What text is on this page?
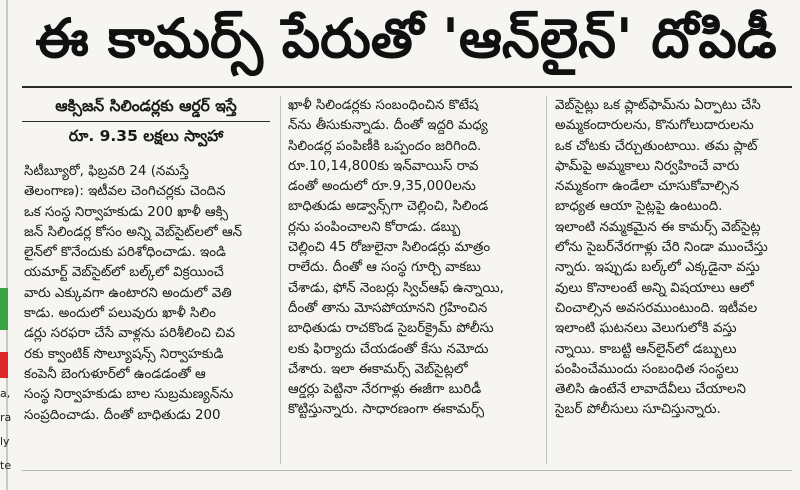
a,
ra
ly
te
ఈ కామర్స్ పేరుతో 'ఆన్‌లైన్' దోపిడీ
ఆక్సిజన్ సిలిండర్లకు ఆర్డర్ ఇస్తే
రూ. 9.35 లక్షలు స్వాహా
సిటీబ్యూరో, ఫిబ్రవరి 24 (నమస్తే
తెలంగాణ): ఇటీవల చెంగిచర్లకు చెందిన
ఒక సంస్థ నిర్వాహకుడు 200 ఖాళీ ఆక్సి
జన్ సిలిండర్ల కోసం అన్ని వెబ్‌సైట్‌లలో ఆన్
లైన్‌లో కొనేందుకు పరిశోధించాడు. ఇండి
యమార్ట్ వెబ్‌సైట్‌లో బల్క్‌లో విక్రయించే
వారు ఎక్కువగా ఉంటారని అందులో వెతి
కాడు. అందులో పలువురు ఖాళీ సిలిం
డర్లు సరఫరా చేసే వాళ్లను పరిశీలించి చివ
రకు క్వాంటిక్ సొల్యూషన్స్ నిర్వాహకుడి
కంపెనీ బెంగుళూర్‌లో ఉండడంతో ఆ
సంస్థ నిర్వాహకుడు బాల సుబ్రమణ్యన్‌ను
సంప్రదించాడు. దీంతో బాధితుడు 200
ఖాళీ సిలిండర్లకు సంబంధించిన కొటేష
న్‌ను తీసుకున్నాడు. దీంతో ఇద్దరి మధ్య
సిలిండర్ల పంపిణీకి ఒప్పందం జరిగింది.
రూ.10,14,800కు ఇన్‌వాయిస్ రావ
డంతో అందులో రూ.9,35,000లను
బాధితుడు అడ్వాన్స్‌గా చెల్లించి, సిలిండ
ర్లను పంపించాలని కోరాడు. డబ్బు
చెల్లించి 45 రోజులైనా సిలిండర్లు మాత్రం
రాలేదు. దీంతో ఆ సంస్థ గూర్చి వాకబు
చేశాడు, ఫోన్ నెంబర్లు స్విచ్‌ఆఫ్ ఉన్నాయి,
దీంతో తాను మోసపోయానని గ్రహించిన
బాధితుడు రాచకొండ సైబర్‌క్రైమ్ పోలీసు
లకు ఫిర్యాదు చేయడంతో కేసు నమోదు
చేశారు. ఇలా ఈకామర్స్ వెబ్‌సైట్లలో
ఆర్డర్లు పెట్టినా నేరగాళ్లు ఈజీగా బురిడీ
కొట్టిస్తున్నారు. సాధారణంగా ఈకామర్స్
వెబ్‌సైట్లు ఒక ప్లాట్‌ఫామ్‌ను ఏర్పాటు చేసి
అమ్మకందారులను, కొనుగోలుదారులను
ఒక చోటకు చేర్చుతుంటాయి. తమ ప్లాట్
ఫామ్‌పై అమ్మకాలు నిర్వహించే వారు
నమ్మకంగా ఉండేలా చూసుకోవాల్సిన
బాధ్యత ఆయా సైట్లపై ఉంటుంది.
ఇలాంటి నమ్మకమైన ఈ కామర్స్ వెబ్‌సైట్ల
లోను సైబర్‌నేరగాళ్లు చేరి నిండా ముంచేస్తు
న్నారు. ఇప్పుడు బల్క్‌లో ఎక్కడైనా వస్తు
వులు కొనాలంటే అన్ని విషయాలు ఆలో
చించాల్సిన అవసరముంటుంది. ఇటీవల
ఇలాంటి ఘటనలు వెలుగులోకి వస్తు
న్నాయి. కాబట్టి ఆన్‌లైన్‌లో డబ్బులు
పంపించేముందు సంబంధిత సంస్థలు
తెలిసి ఉంటేనే లావాదేవీలు చేయాలని
సైబర్ పోలీసులు సూచిస్తున్నారు.
